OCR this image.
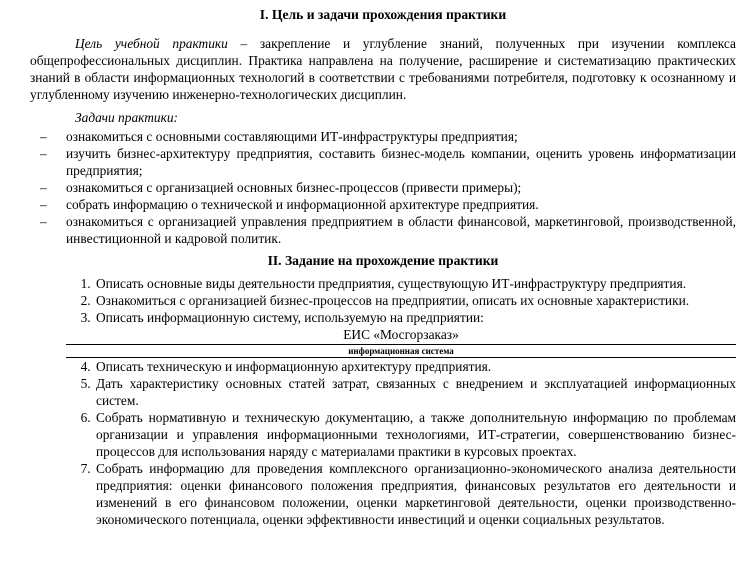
I. Цель и задачи прохождения практики

Цель учебной практики – закрепление и углубление знаний, полученных при изучении комплекса общепрофессиональных дисциплин. Практика направлена на получение, расширение и систематизацию практических знаний в области информационных технологий в соответствии с требованиями потребителя, подготовку к осознанному и углубленному изучению инженерно-технологических дисциплин.

Задачи практики:

– ознакомиться с основными составляющими ИТ-инфраструктуры предприятия;
– изучить бизнес-архитектуру предприятия, составить бизнес-модель компании, оценить уровень информатизации предприятия;
– ознакомиться с организацией основных бизнес-процессов (привести примеры);
– собрать информацию о технической и информационной архитектуре предприятия.
– ознакомиться с организацией управления предприятием в области финансовой, маркетинговой, производственной, инвестиционной и кадровой политик.
II. Задание на прохождение практики
1. Описать основные виды деятельности предприятия, существующую ИТ-инфраструктуру предприятия.
2. Ознакомиться с организацией бизнес-процессов на предприятии, описать их основные характеристики.
3. Описать информационную систему, используемую на предприятии:
ЕИС «Мосгорзаказ»
информационная система
4. Описать техническую и информационную архитектуру предприятия.
5. Дать характеристику основных статей затрат, связанных с внедрением и эксплуатацией информационных систем.
6. Собрать нормативную и техническую документацию, а также дополнительную информацию по проблемам организации и управления информационными технологиями, ИТ-стратегии, совершенствованию бизнес-процессов для использования наряду с материалами практики в курсовых проектах.
7. Собрать информацию для проведения комплексного организационно-экономического анализа деятельности предприятия: оценки финансового положения предприятия, финансовых результатов его деятельности и изменений в его финансовом положении, оценки маркетинговой деятельности, оценки производственно-экономического потенциала, оценки эффективности инвестиций и оценки социальных результатов.
